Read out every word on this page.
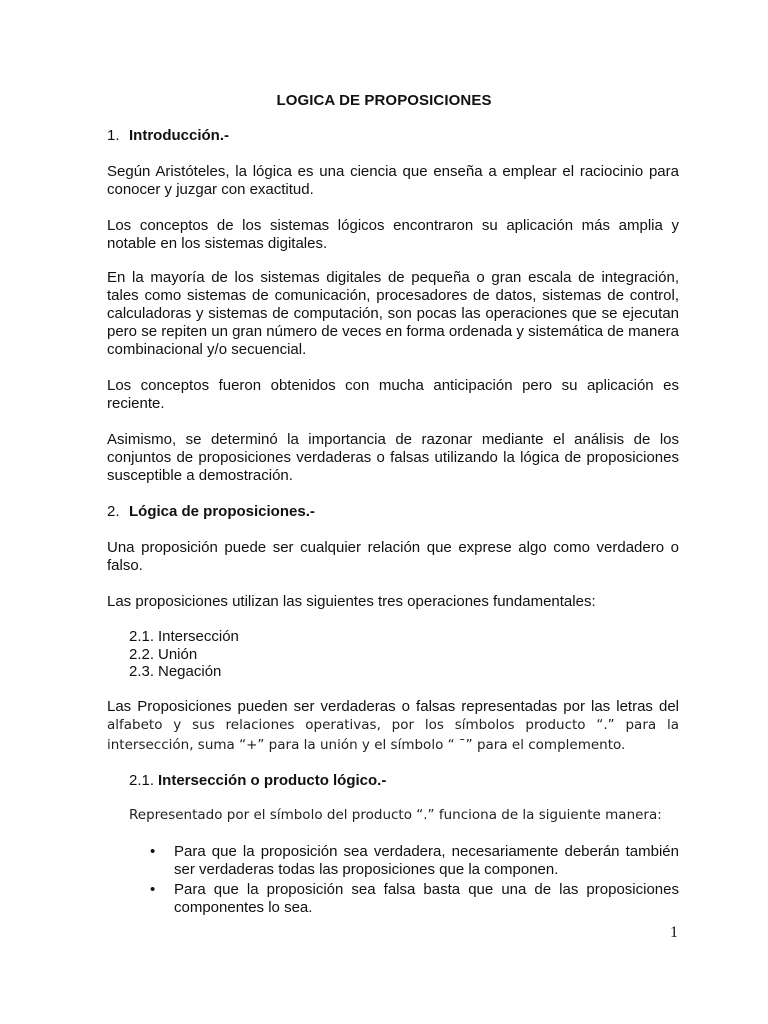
LOGICA DE PROPOSICIONES
1. Introducción.-
Según Aristóteles, la lógica es una ciencia que enseña a emplear el raciocinio para conocer y juzgar con exactitud.
Los conceptos de los sistemas lógicos encontraron su aplicación más amplia y notable en los sistemas digitales.
En la mayoría de los sistemas digitales de pequeña o gran escala de integración, tales como sistemas de comunicación, procesadores de datos, sistemas de control, calculadoras y sistemas de computación, son pocas las operaciones que se ejecutan pero se repiten un gran número de veces en forma ordenada y sistemática de manera combinacional y/o secuencial.
Los conceptos fueron obtenidos con mucha anticipación pero su aplicación es reciente.
Asimismo, se determinó la importancia de razonar mediante el análisis de los conjuntos de proposiciones verdaderas o falsas utilizando la lógica de proposiciones susceptible a demostración.
2. Lógica de proposiciones.-
Una proposición puede ser cualquier relación que exprese algo como verdadero o falso.
Las proposiciones utilizan las siguientes tres operaciones fundamentales:
2.1. Intersección
2.2. Unión
2.3. Negación
Las Proposiciones pueden ser verdaderas o falsas representadas por las letras del
alfabeto y sus relaciones operativas, por los símbolos producto “.” para la
intersección, suma “+” para la unión y el símbolo “ ¯” para el complemento.
2.1. Intersección o producto lógico.-
Representado por el símbolo del producto “.” funciona de la siguiente manera:
• Para que la proposición sea verdadera, necesariamente deberán también ser verdaderas todas las proposiciones que la componen.
• Para que la proposición sea falsa basta que una de las proposiciones componentes lo sea.
1
